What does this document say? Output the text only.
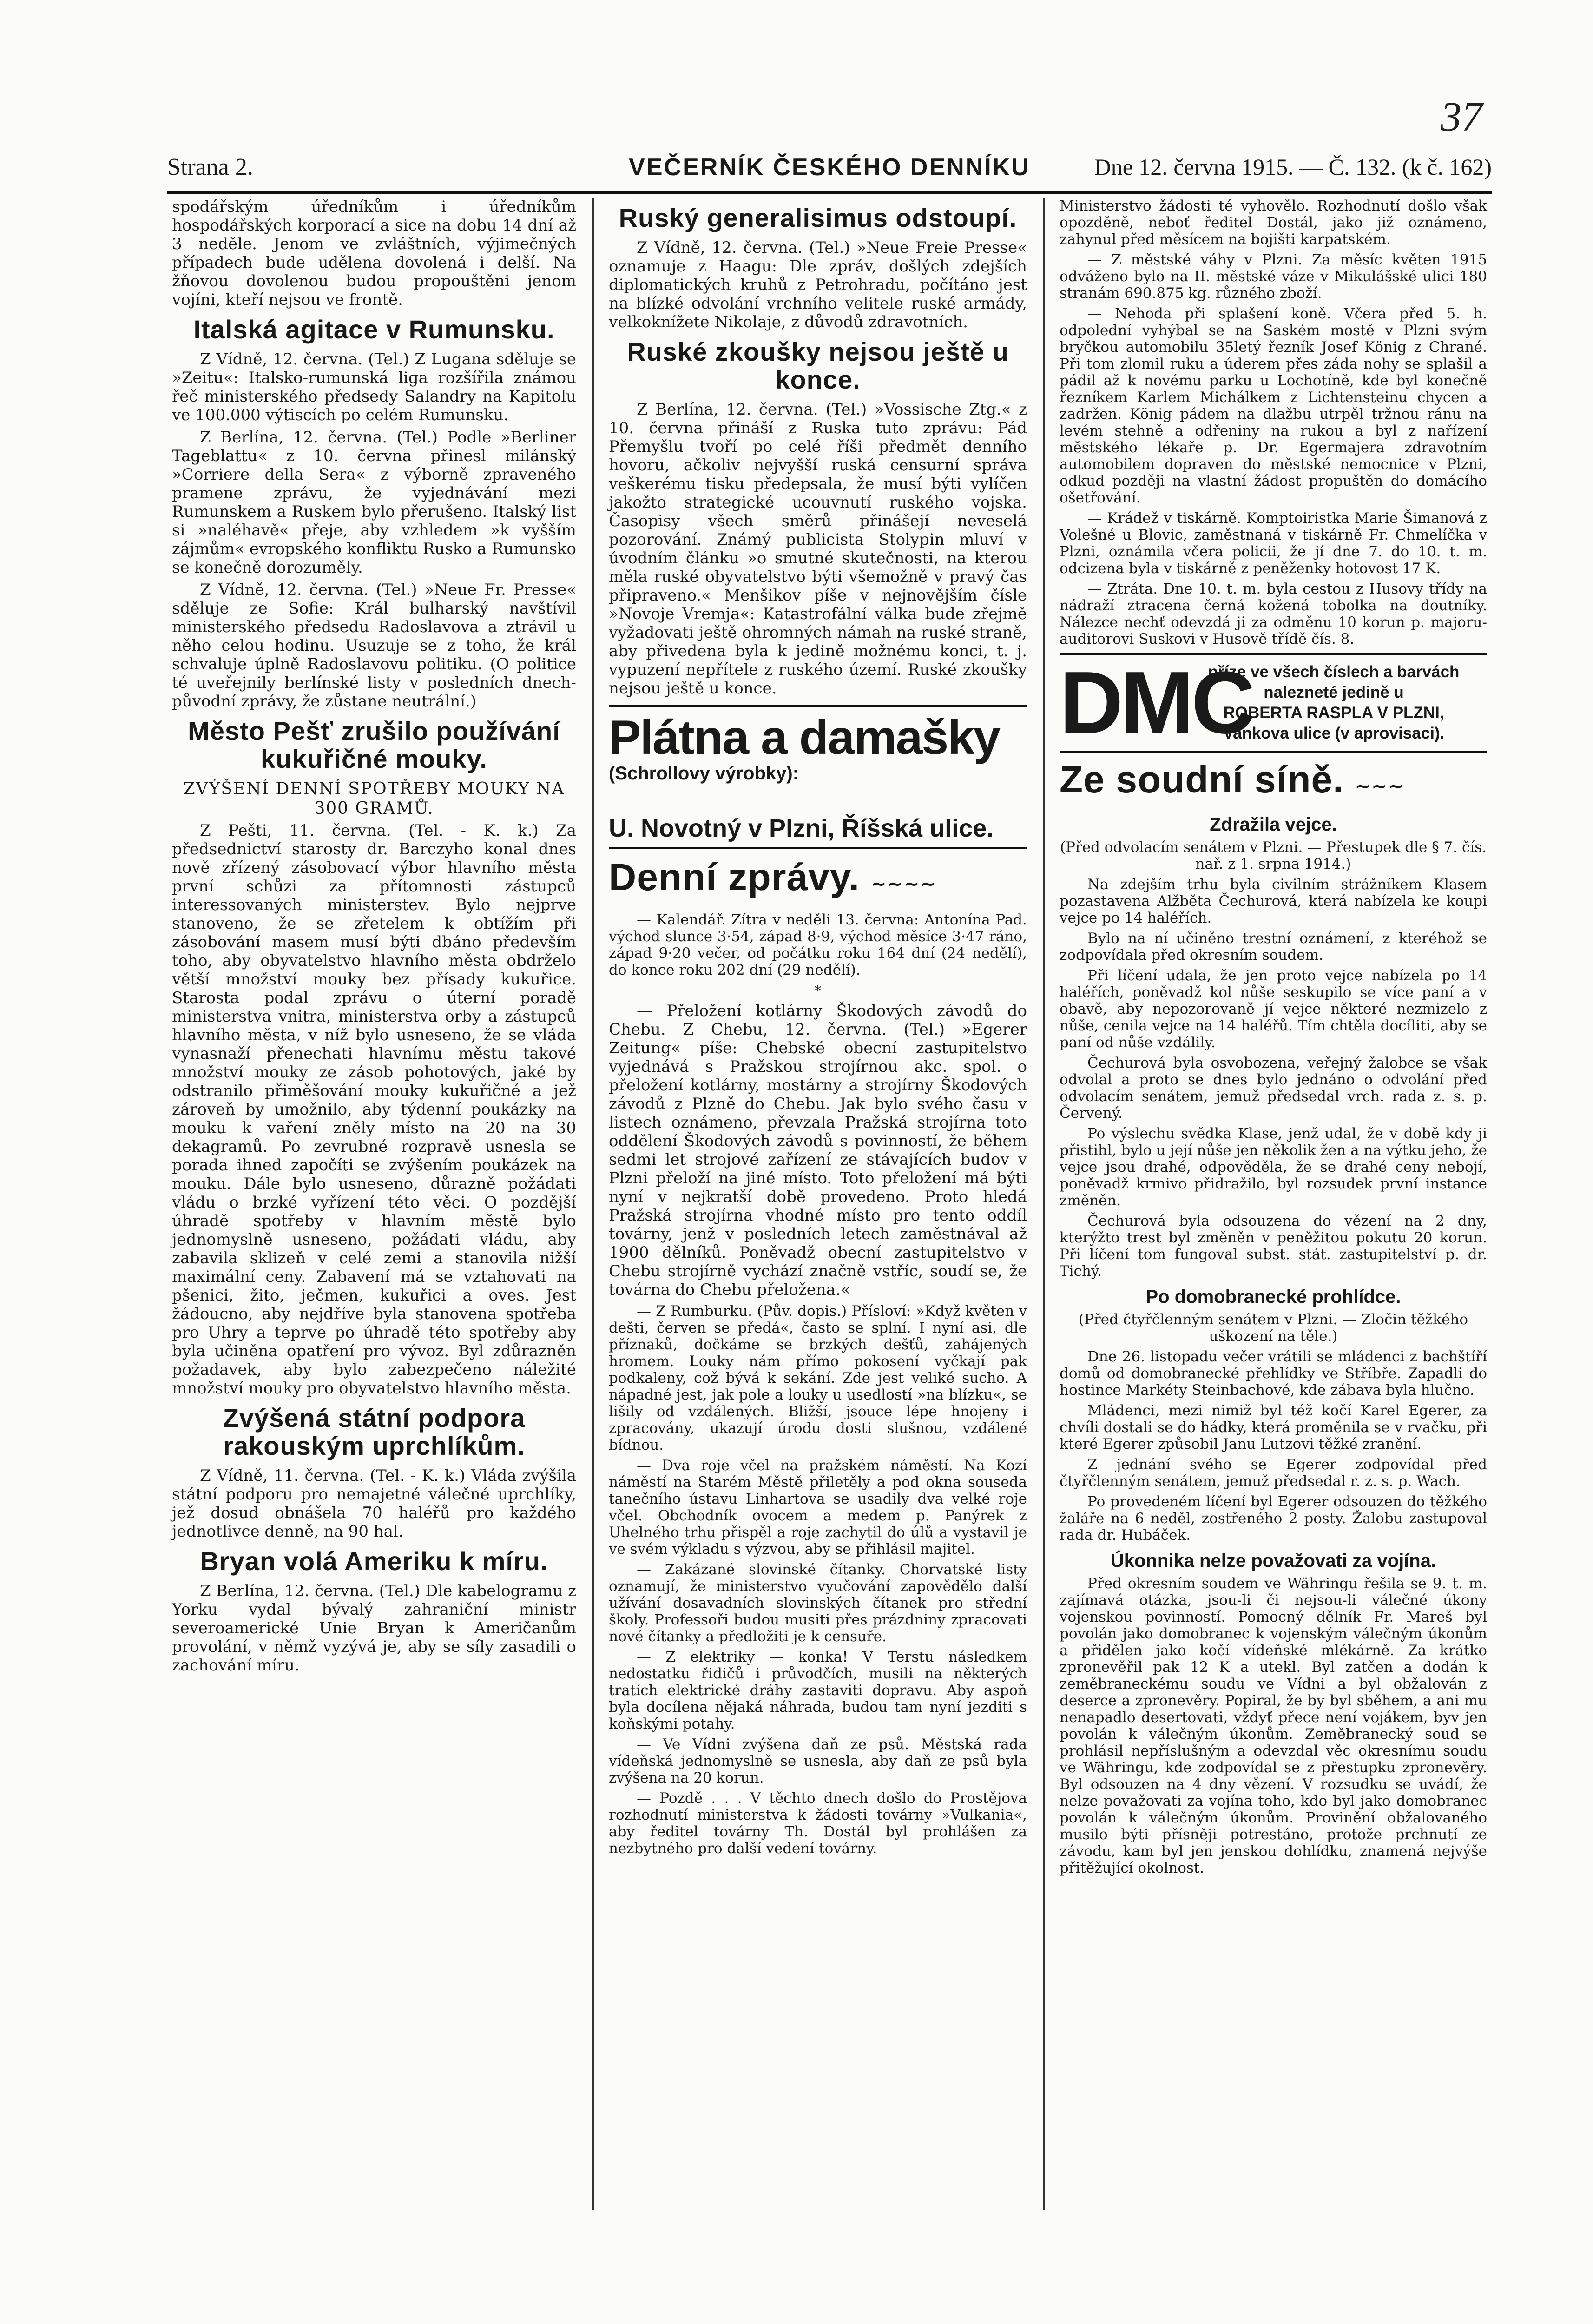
37
Strana 2.	VEČERNÍK ČESKÉHO DENNÍKU	Dne 12. června 1915. — Č. 132. (k č. 162)

spodářským úředníkům i úředníkům hospodářských korporací a sice na dobu 14 dní až 3 neděle. Jenom ve zvláštních, výjimečných případech bude udělena dovolená i delší. Na žňovou dovolenou budou propouštěni jenom vojíni, kteří nejsou ve frontě.

Italská agitace v Rumunsku.

Z Vídně, 12. června. (Tel.) Z Lugana sděluje se »Zeitu«: Italsko-rumunská liga rozšířila známou řeč ministerského předsedy Salandry na Kapitolu ve 100.000 výtiscích po celém Rumunsku.

Z Berlína, 12. června. (Tel.) Podle »Berliner Tageblattu« z 10. června přinesl milánský »Corriere della Sera« z výborně zpraveného pramene zprávu, že vyjednávání mezi Rumunskem a Ruskem bylo přerušeno. Italský list si »naléhavě« přeje, aby vzhledem »k vyšším zájmům« evropského konfliktu Rusko a Rumunsko se konečně dorozuměly.

Z Vídně, 12. června. (Tel.) »Neue Fr. Presse« sděluje ze Sofie: Král bulharský navštívil ministerského předsedu Radoslavova a ztrávil u něho celou hodinu. Usuzuje se z toho, že král schvaluje úplně Radoslavovu politiku. (O politice té uveřejnily berlínské listy v posledních dnech-původní zprávy, že zůstane neutrální.)

Město Pešť zrušilo používání kukuřičné mouky.
ZVÝŠENÍ DENNÍ SPOTŘEBY MOUKY NA 300 GRAMŮ.

Z Pešti, 11. června. (Tel. - K. k.) Za předsednictví starosty dr. Barczyho konal dnes nově zřízený zásobovací výbor hlavního města první schůzi za přítomnosti zástupců interessovaných ministerstev. Bylo nejprve stanoveno, že se zřetelem k obtížím při zásobování masem musí býti dbáno především toho, aby obyvatelstvo hlavního města obdrželo větší množství mouky bez přísady kukuřice. Starosta podal zprávu o úterní poradě ministerstva vnitra, ministerstva orby a zástupců hlavního města, v níž bylo usneseno, že se vláda vynasnaží přenechati hlavnímu městu takové množství mouky ze zásob pohotových, jaké by odstranilo přiměšování mouky kukuřičné a jež zároveň by umožnilo, aby týdenní poukázky na mouku k vaření zněly místo na 20 na 30 dekagramů. Po zevrubné rozpravě usnesla se porada ihned započíti se zvýšením poukázek na mouku. Dále bylo usneseno, důrazně požádati vládu o brzké vyřízení této věci. O pozdější úhradě spotřeby v hlavním městě bylo jednomyslně usneseno, požádati vládu, aby zabavila sklizeň v celé zemi a stanovila nižší maximální ceny. Zabavení má se vztahovati na pšenici, žito, ječmen, kukuřici a oves. Jest žádoucno, aby nejdříve byla stanovena spotřeba pro Uhry a teprve po úhradě této spotřeby aby byla učiněna opatření pro vývoz. Byl zdůrazněn požadavek, aby bylo zabezpečeno náležité množství mouky pro obyvatelstvo hlavního města.

Zvýšená státní podpora rakouským uprchlíkům.

Z Vídně, 11. června. (Tel. - K. k.) Vláda zvýšila státní podporu pro nemajetné válečné uprchlíky, jež dosud obnášela 70 haléřů pro každého jednotlivce denně, na 90 hal.

Bryan volá Ameriku k míru.

Z Berlína, 12. června. (Tel.) Dle kabelogramu z Yorku vydal bývalý zahraniční ministr severoamerické Unie Bryan k Američanům provolání, v němž vyzývá je, aby se síly zasadili o zachování míru.

Ruský generalisimus odstoupí.

Z Vídně, 12. června. (Tel.) »Neue Freie Presse« oznamuje z Haagu: Dle zpráv, došlých zdejších diplomatických kruhů z Petrohradu, počítáno jest na blízké odvolání vrchního velitele ruské armády, velkoknížete Nikolaje, z důvodů zdravotních.

Ruské zkoušky nejsou ještě u konce.

Z Berlína, 12. června. (Tel.) »Vossische Ztg.« z 10. června přináší z Ruska tuto zprávu: Pád Přemyšlu tvoří po celé říši předmět denního hovoru, ačkoliv nejvyšší ruská censurní správa veškerému tisku předepsala, že musí býti vylíčen jakožto strategické ucouvnutí ruského vojska. Časopisy všech směrů přinášejí neveselá pozorování. Známý publicista Stolypin mluví v úvodním článku »o smutné skutečnosti, na kterou měla ruské obyvatelstvo býti všemožně v pravý čas připraveno.« Menšikov píše v nejnovějším čísle »Novoje Vremja«: Katastrofální válka bude zřejmě vyžadovati ještě ohromných námah na ruské straně, aby přivedena byla k jedině možnému konci, t. j. vypuzení nepřítele z ruského území. Ruské zkoušky nejsou ještě u konce.

Plátna a damašky (Schrollovy výrobky):
U. Novotný v Plzni, Říšská ulice.
Denní zprávy. ~~~~

— Kalendář. Zítra v neděli 13. června: Antonína Pad. východ slunce 3·54, západ 8·9, východ měsíce 3·47 ráno, západ 9·20 večer, od počátku roku 164 dní (24 nedělí), do konce roku 202 dní (29 nedělí).

*

— Přeložení kotlárny Škodových závodů do Chebu. Z Chebu, 12. června. (Tel.) »Egerer Zeitung« píše: Chebské obecní zastupitelstvo vyjednává s Pražskou strojírnou akc. spol. o přeložení kotlárny, mostárny a strojírny Škodových závodů z Plzně do Chebu. Jak bylo svého času v listech oznámeno, převzala Pražská strojírna toto oddělení Škodových závodů s povinností, že během sedmi let strojové zařízení ze stávajících budov v Plzni přeloží na jiné místo. Toto přeložení má býti nyní v nejkratší době provedeno. Proto hledá Pražská strojírna vhodné místo pro tento oddíl továrny, jenž v posledních letech zaměstnával až 1900 dělníků. Poněvadž obecní zastupitelstvo v Chebu strojírně vychází značně vstříc, soudí se, že továrna do Chebu přeložena.«

— Z Rumburku. (Pův. dopis.) Přísloví: »Když květen v dešti, červen se předá«, často se splní. I nyní asi, dle příznaků, dočkáme se brzkých dešťů, zahájených hromem. Louky nám přímo pokosení vyčkají pak podkaleny, což bývá k sekání. Zde jest veliké sucho. A nápadné jest, jak pole a louky u usedlostí »na blízku«, se lišily od vzdálených. Bližší, jsouce lépe hnojeny i zpracovány, ukazují úrodu dosti slušnou, vzdálené bídnou.

— Dva roje včel na pražském náměstí. Na Kozí náměstí na Starém Městě přiletěly a pod okna souseda tanečního ústavu Linhartova se usadily dva velké roje včel. Obchodník ovocem a medem p. Panýrek z Uhelného trhu přispěl a roje zachytil do úlů a vystavil je ve svém výkladu s výzvou, aby se přihlásil majitel.

— Zakázané slovinské čítanky. Chorvatské listy oznamují, že ministerstvo vyučování zapovědělo další užívání dosavadních slovinských čítanek pro střední školy. Professoři budou musiti přes prázdniny zpracovati nové čítanky a předložiti je k censuře.

— Z elektriky — konka! V Terstu následkem nedostatku řidičů i průvodčích, musili na některých tratích elektrické dráhy zastaviti dopravu. Aby aspoň byla docílena nějaká náhrada, budou tam nyní jezditi s koňskými potahy.

— Ve Vídni zvýšena daň ze psů. Městská rada vídeňská jednomyslně se usnesla, aby daň ze psů byla zvýšena na 20 korun.

— Pozdě . . . V těchto dnech došlo do Prostějova rozhodnutí ministerstva k žádosti továrny »Vulkania«, aby ředitel továrny Th. Dostál byl prohlášen za nezbytného pro další vedení továrny.

Ministerstvo žádosti té vyhovělo. Rozhodnutí došlo však opozděně, neboť ředitel Dostál, jako již oznámeno, zahynul před měsícem na bojišti karpatském.

— Z městské váhy v Plzni. Za měsíc květen 1915 odváženo bylo na II. městské váze v Mikulášské ulici 180 stranám 690.875 kg. různého zboží.

— Nehoda při splašení koně. Včera před 5. h. odpolední vyhýbal se na Saském mostě v Plzni svým bryčkou automobilu 35letý řezník Josef König z Chrané. Při tom zlomil ruku a úderem přes záda nohy se splašil a pádil až k novému parku u Lochotíně, kde byl konečně řezníkem Karlem Michálkem z Lichtensteinu chycen a zadržen. König pádem na dlažbu utrpěl tržnou ránu na levém stehně a odřeniny na rukou a byl z nařízení městského lékaře p. Dr. Egermajera zdravotním automobilem dopraven do městské nemocnice v Plzni, odkud později na vlastní žádost propuštěn do domácího ošetřování.

— Krádež v tiskárně. Komptoiristka Marie Šimanová z Volešné u Blovic, zaměstnaná v tiskárně Fr. Chmelíčka v Plzni, oznámila včera policii, že jí dne 7. do 10. t. m. odcizena byla v tiskárně z peněženky hotovost 17 K.

— Ztráta. Dne 10. t. m. byla cestou z Husovy třídy na nádraží ztracena černá kožená tobolka na doutníky. Nálezce nechť odevzdá ji za odměnu 10 korun p. majoru-auditorovi Suskovi v Husově třídě čís. 8.

DMC
příze ve všech číslech a barvách
nalezneté jedině u
ROBERTA RASPLA V PLZNI,
Vankova ulice (v aprovisaci).
Ze soudní síně. ~~~
Zdražila vejce.

(Před odvolacím senátem v Plzni. — Přestupek dle § 7. čís. nař. z 1. srpna 1914.)

Na zdejším trhu byla civilním strážníkem Klasem pozastavena Alžběta Čechurová, která nabízela ke koupi vejce po 14 haléřích.

Bylo na ní učiněno trestní oznámení, z kteréhož se zodpovídala před okresním soudem.

Při líčení udala, že jen proto vejce nabízela po 14 haléřích, poněvadž kol nůše seskupilo se více paní a v obavě, aby nepozorovaně jí vejce některé nezmizelo z nůše, cenila vejce na 14 haléřů. Tím chtěla docíliti, aby se paní od nůše vzdálily.

Čechurová byla osvobozena, veřejný žalobce se však odvolal a proto se dnes bylo jednáno o odvolání před odvolacím senátem, jemuž předsedal vrch. rada z. s. p. Červený.

Po výslechu svědka Klase, jenž udal, že v době kdy ji přistihl, bylo u její nůše jen několik žen a na výtku jeho, že vejce jsou drahé, odpověděla, že se drahé ceny nebojí, poněvadž krmivo přidražilo, byl rozsudek první instance změněn.

Čechurová byla odsouzena do vězení na 2 dny, kterýžto trest byl změněn v peněžitou pokutu 20 korun. Při líčení tom fungoval subst. stát. zastupitelství p. dr. Tichý.

Po domobranecké prohlídce.

(Před čtyřčlenným senátem v Plzni. — Zločin těžkého uškození na těle.)

Dne 26. listopadu večer vrátili se mládenci z bachštíří domů od domobranecké přehlídky ve Stříbře. Zapadli do hostince Markéty Steinbachové, kde zábava byla hlučno.

Mládenci, mezi nimiž byl též kočí Karel Egerer, za chvíli dostali se do hádky, která proměnila se v rvačku, při které Egerer způsobil Janu Lutzovi těžké zranění.

Z jednání svého se Egerer zodpovídal před čtyřčlenným senátem, jemuž předsedal r. z. s. p. Wach.

Po provedeném líčení byl Egerer odsouzen do těžkého žaláře na 6 neděl, zostřeného 2 posty. Žalobu zastupoval rada dr. Hubáček.

Úkonnika nelze považovati za vojína.

Před okresním soudem ve Währingu řešila se 9. t. m. zajímavá otázka, jsou-li či nejsou-li válečné úkony vojenskou povinností. Pomocný dělník Fr. Mareš byl povolán jako domobranec k vojenským válečným úkonům a přidělen jako kočí vídeňské mlékárně. Za krátko zpronevěřil pak 12 K a utekl. Byl zatčen a dodán k zeměbraneckému soudu ve Vídni a byl obžalován z deserce a zpronevěry. Popiral, že by byl sběhem, a ani mu nenapadlo desertovati, vždyť přece není vojákem, byv jen povolán k válečným úkonům. Zeměbranecký soud se prohlásil nepříslušným a odevzdal věc okresnímu soudu ve Währingu, kde zodpovídal se z přestupku zpronevěry. Byl odsouzen na 4 dny vězení. V rozsudku se uvádí, že nelze považovati za vojína toho, kdo byl jako domobranec povolán k válečným úkonům. Provinění obžalovaného musilo býti přísněji potrestáno, protože prchnutí ze závodu, kam byl jen jenskou dohlídku, znamená nejvýše přitěžující okolnost.
